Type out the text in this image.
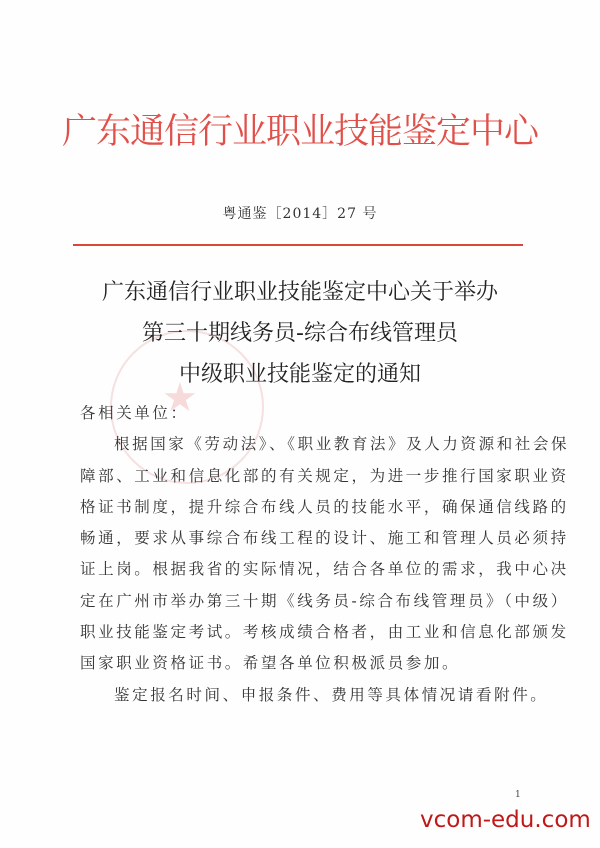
广东通信行业职业技能鉴定中心
粤通鉴［2014］27 号
★
广东通信行业职业技能鉴定中心关于举办
第三十期线务员-综合布线管理员
中级职业技能鉴定的通知
各相关单位：
根据国家《劳动法》、《职业教育法》及人力资源和社会保
障部、工业和信息化部的有关规定，为进一步推行国家职业资
格证书制度，提升综合布线人员的技能水平，确保通信线路的
畅通，要求从事综合布线工程的设计、施工和管理人员必须持
证上岗。根据我省的实际情况，结合各单位的需求，我中心决
定在广州市举办第三十期《线务员-综合布线管理员》（中级）
职业技能鉴定考试。考核成绩合格者，由工业和信息化部颁发
国家职业资格证书。希望各单位积极派员参加。
鉴定报名时间、申报条件、费用等具体情况请看附件。
1
vcom-edu.com
